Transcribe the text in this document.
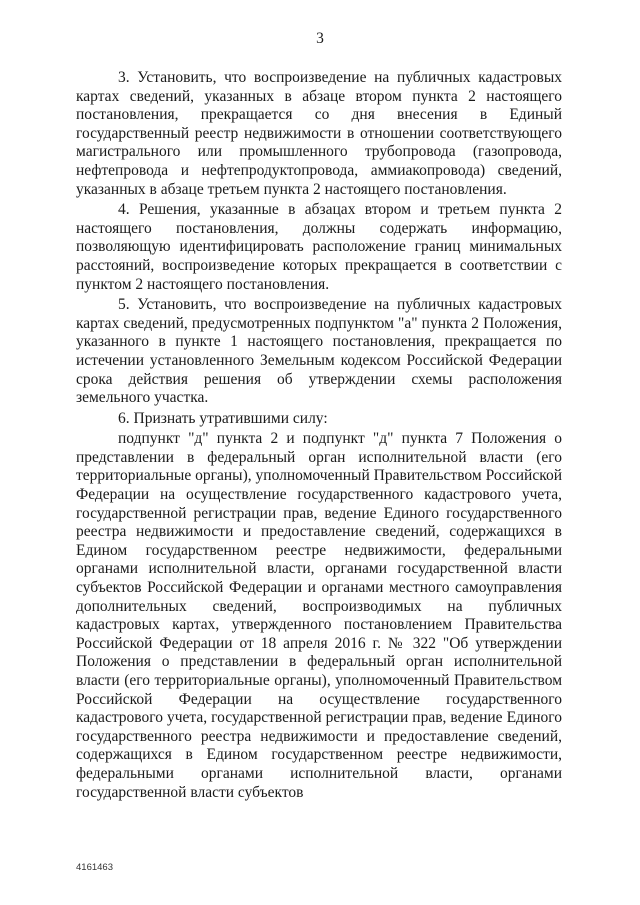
3

3. Установить, что воспроизведение на публичных кадастровых картах сведений, указанных в абзаце втором пункта 2 настоящего постановления, прекращается со дня внесения в Единый государственный реестр недвижимости в отношении соответствующего магистрального или промышленного трубопровода (газопровода, нефтепровода и нефтепродуктопровода, аммиакопровода) сведений, указанных в абзаце третьем пункта 2 настоящего постановления.

4. Решения, указанные в абзацах втором и третьем пункта 2 настоящего постановления, должны содержать информацию, позволяющую идентифицировать расположение границ минимальных расстояний, воспроизведение которых прекращается в соответствии с пунктом 2 настоящего постановления.

5. Установить, что воспроизведение на публичных кадастровых картах сведений, предусмотренных подпунктом "а" пункта 2 Положения, указанного в пункте 1 настоящего постановления, прекращается по истечении установленного Земельным кодексом Российской Федерации срока действия решения об утверждении схемы расположения земельного участка.

6. Признать утратившими силу:

подпункт "д" пункта 2 и подпункт "д" пункта 7 Положения о представлении в федеральный орган исполнительной власти (его территориальные органы), уполномоченный Правительством Российской Федерации на осуществление государственного кадастрового учета, государственной регистрации прав, ведение Единого государственного реестра недвижимости и предоставление сведений, содержащихся в Едином государственном реестре недвижимости, федеральными органами исполнительной власти, органами государственной власти субъектов Российской Федерации и органами местного самоуправления дополнительных сведений, воспроизводимых на публичных кадастровых картах, утвержденного постановлением Правительства Российской Федерации от 18 апреля 2016 г. № 322 "Об утверждении Положения о представлении в федеральный орган исполнительной власти (его территориальные органы), уполномоченный Правительством Российской Федерации на осуществление государственного кадастрового учета, государственной регистрации прав, ведение Единого государственного реестра недвижимости и предоставление сведений, содержащихся в Едином государственном реестре недвижимости, федеральными органами исполнительной власти, органами государственной власти субъектов

4161463
